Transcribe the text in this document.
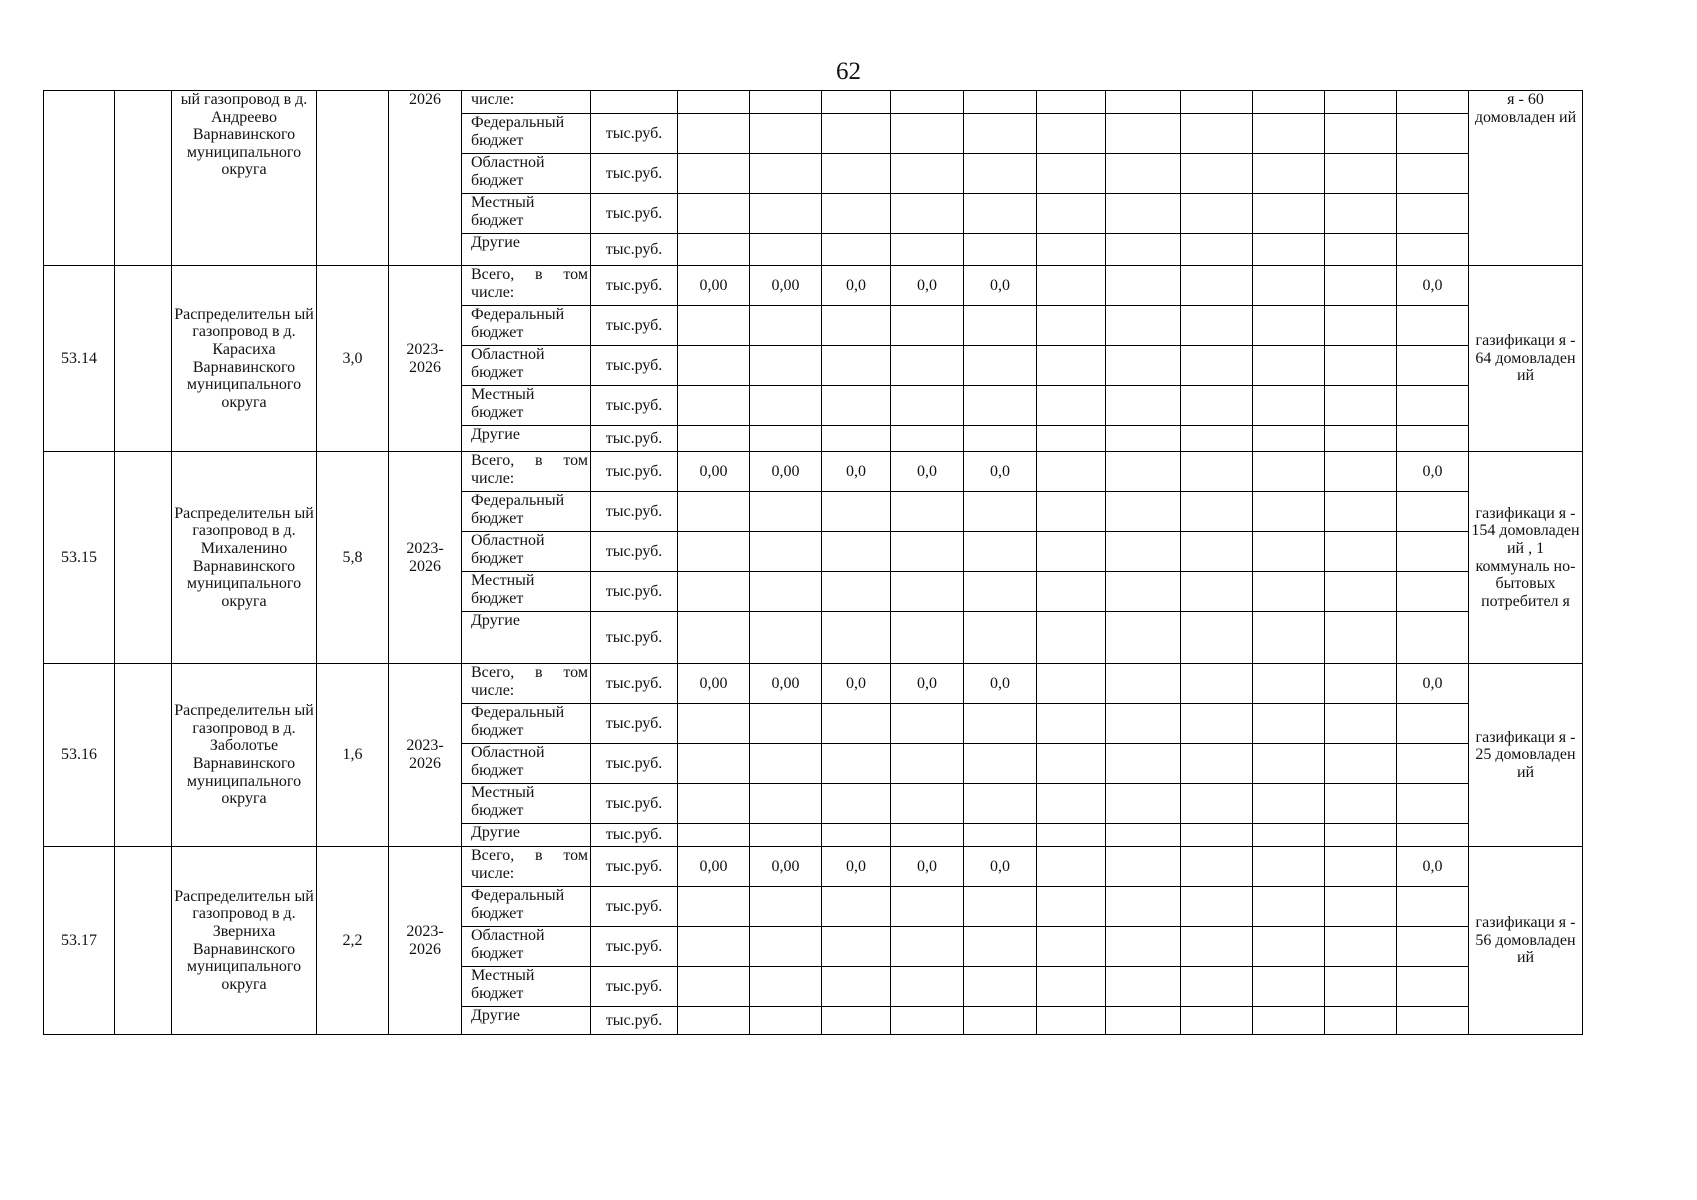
62
		ый газопровод в д. Андреево Варнавинского муниципального округа		2026	числе:													я - 60 домовладен ий
					Федеральный бюджет	тыс.руб.												
					Областной бюджет	тыс.руб.												
					Местный бюджет	тыс.руб.												
					Другие	тыс.руб.												
53.14		Распределительн ый газопровод в д. Карасиха Варнавинского муниципального округа	3,0	2023-2026	Всего, в том числе:	тыс.руб.	0,00	0,00	0,0	0,0	0,0						0,0	газификаци я - 64 домовладен ий
					Федеральный бюджет	тыс.руб.												
					Областной бюджет	тыс.руб.												
					Местный бюджет	тыс.руб.												
					Другие	тыс.руб.												
53.15		Распределительн ый газопровод в д. Михаленино Варнавинского муниципального округа	5,8	2023-2026	Всего, в том числе:	тыс.руб.	0,00	0,00	0,0	0,0	0,0						0,0	газификаци я - 154 домовладен ий , 1 коммуналь но-бытовых потребител я
					Федеральный бюджет	тыс.руб.												
					Областной бюджет	тыс.руб.												
					Местный бюджет	тыс.руб.												
					Другие	тыс.руб.												
53.16		Распределительн ый газопровод в д. Заболотье Варнавинского муниципального округа	1,6	2023-2026	Всего, в том числе:	тыс.руб.	0,00	0,00	0,0	0,0	0,0						0,0	газификаци я - 25 домовладен ий
					Федеральный бюджет	тыс.руб.												
					Областной бюджет	тыс.руб.												
					Местный бюджет	тыс.руб.												
					Другие	тыс.руб.												
53.17		Распределительн ый газопровод в д. Зверниха Варнавинского муниципального округа	2,2	2023-2026	Всего, в том числе:	тыс.руб.	0,00	0,00	0,0	0,0	0,0						0,0	газификаци я - 56 домовладен ий
					Федеральный бюджет	тыс.руб.												
					Областной бюджет	тыс.руб.												
					Местный бюджет	тыс.руб.												
					Другие	тыс.руб.												
